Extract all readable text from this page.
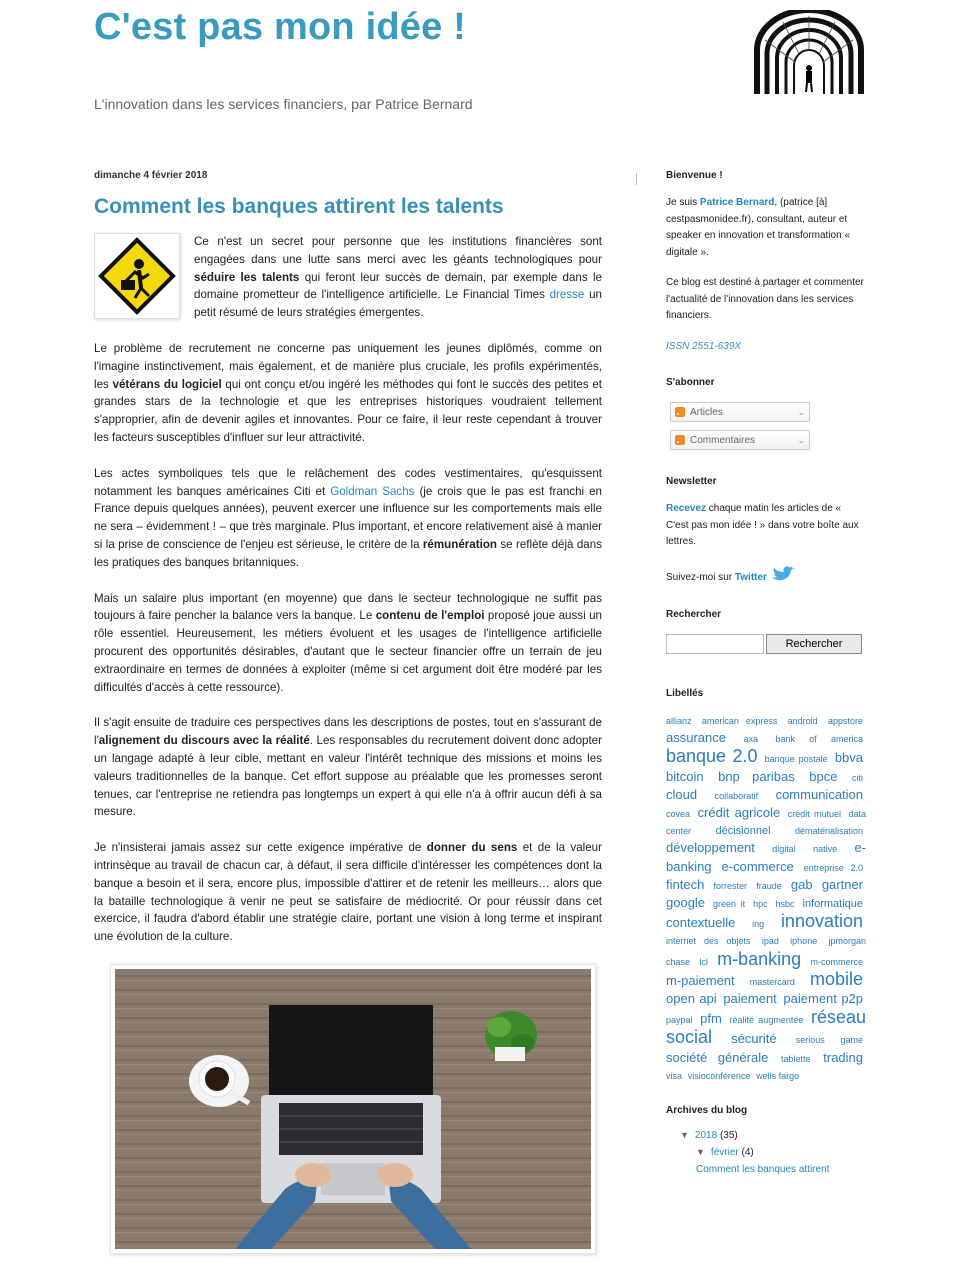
C'est pas mon idée !
L'innovation dans les services financiers, par Patrice Bernard
dimanche 4 février 2018
Comment les banques attirent les talents

Ce n'est un secret pour personne que les institutions financières sont engagées dans une lutte sans merci avec les géants technologiques pour séduire les talents qui feront leur succès de demain, par exemple dans le domaine prometteur de l'intelligence artificielle. Le Financial Times dresse un petit résumé de leurs stratégies émergentes.

Le problème de recrutement ne concerne pas uniquement les jeunes diplômés, comme on l'imagine instinctivement, mais également, et de manière plus cruciale, les profils expérimentés, les vétérans du logiciel qui ont conçu et/ou ingéré les méthodes qui font le succès des petites et grandes stars de la technologie et que les entreprises historiques voudraient tellement s'approprier, afin de devenir agiles et innovantes. Pour ce faire, il leur reste cependant à trouver les facteurs susceptibles d'influer sur leur attractivité.

Les actes symboliques tels que le relâchement des codes vestimentaires, qu'esquissent notamment les banques américaines Citi et Goldman Sachs (je crois que le pas est franchi en France depuis quelques années), peuvent exercer une influence sur les comportements mais elle ne sera – évidemment ! – que très marginale. Plus important, et encore relativement aisé à manier si la prise de conscience de l'enjeu est sérieuse, le critère de la rémunération se reflète déjà dans les pratiques des banques britanniques.

Mais un salaire plus important (en moyenne) que dans le secteur technologique ne suffit pas toujours à faire pencher la balance vers la banque. Le contenu de l'emploi proposé joue aussi un rôle essentiel. Heureusement, les métiers évoluent et les usages de l'intelligence artificielle procurent des opportunités désirables, d'autant que le secteur financier offre un terrain de jeu extraordinaire en termes de données à exploiter (même si cet argument doit être modéré par les difficultés d'accès à cette ressource).

Il s'agit ensuite de traduire ces perspectives dans les descriptions de postes, tout en s'assurant de l'alignement du discours avec la réalité. Les responsables du recrutement doivent donc adopter un langage adapté à leur cible, mettant en valeur l'intérêt technique des missions et moins les valeurs traditionnelles de la banque. Cet effort suppose au préalable que les promesses seront tenues, car l'entreprise ne retiendra pas longtemps un expert à qui elle n'a à offrir aucun défi à sa mesure.

Je n'insisterai jamais assez sur cette exigence impérative de donner du sens et de la valeur intrinsèque au travail de chacun car, à défaut, il sera difficile d'intéresser les compétences dont la banque a besoin et il sera, encore plus, impossible d'attirer et de retenir les meilleurs… alors que la bataille technologique à venir ne peut se satisfaire de médiocrité. Or pour réussir dans cet exercice, il faudra d'abord établir une stratégie claire, portant une vision à long terme et inspirant une évolution de la culture.

Bienvenue !

Je suis Patrice Bernard, (patrice [à] cestpasmonidee.fr), consultant, auteur et speaker en innovation et transformation « digitale ».

Ce blog est destiné à partager et commenter l'actualité de l'innovation dans les services financiers.

ISSN 2551-639X

S'abonner
Articles	⌄
Commentaires	⌄
Newsletter

Recevez chaque matin les articles de « C'est pas mon idée ! » dans votre boîte aux lettres.

Suivez-moi sur Twitter

Rechercher
Rechercher
Libellés
allianz american express android appstore assurance axa bank of america banque 2.0 banque postale bbva bitcoin bnp paribas bpce citi cloud collaboratif communication covea crédit agricole crédit mutuel data center décisionnel	dématérialisation développement digital native e-banking e-commerce entreprise 2.0 fintech forrester fraude gab gartner google green it hpc hsbc informatique contextuelle ing innovation internet des objets ipad iphone jpmorgan chase lcl m-banking m-commerce m-paiement mastercard mobile open api paiement paiement p2p paypal pfm réalité augmentée réseau social sécurité serious game société générale tablette trading visa visioconférence wells fargo
Archives du blog
▼ 2018 (35)
▼ février (4)
Comment les banques attirent
